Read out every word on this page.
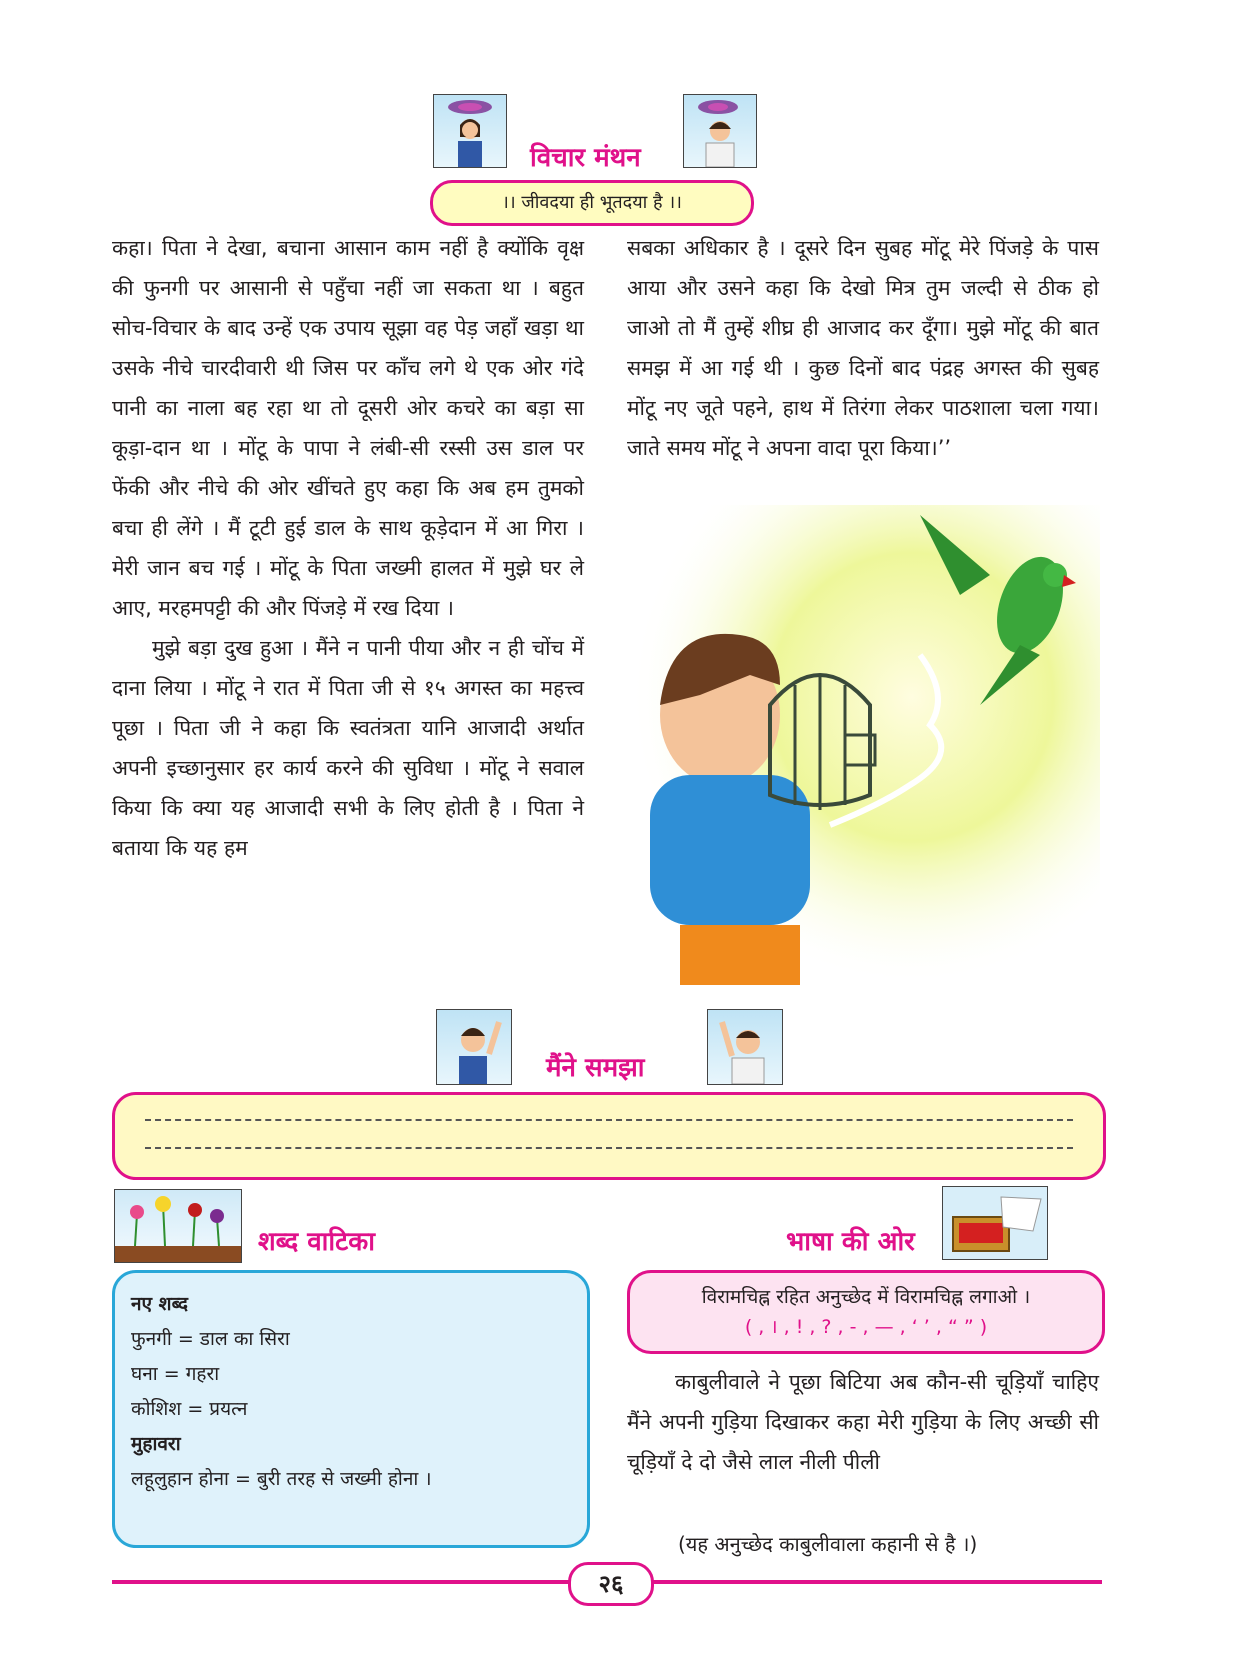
विचार मंथन
।। जीवदया ही भूतदया है ।।

कहा। पिता ने देखा, बचाना आसान काम नहीं है क्योंकि वृक्ष की फुनगी पर आसानी से पहुँचा नहीं जा सकता था । बहुत सोच-विचार के बाद उन्हें एक उपाय सूझा वह पेड़ जहाँ खड़ा था उसके नीचे चारदीवारी थी जिस पर काँच लगे थे एक ओर गंदे पानी का नाला बह रहा था तो दूसरी ओर कचरे का बड़ा सा कूड़ा-दान था । मोंटू के पापा ने लंबी-सी रस्सी उस डाल पर फेंकी और नीचे की ओर खींचते हुए कहा कि अब हम तुमको बचा ही लेंगे । मैं टूटी हुई डाल के साथ कूड़ेदान में आ गिरा । मेरी जान बच गई । मोंटू के पिता जख्मी हालत में मुझे घर ले आए, मरहमपट्टी की और पिंजड़े में रख दिया ।

मुझे बड़ा दुख हुआ । मैंने न पानी पीया और न ही चोंच में दाना लिया । मोंटू ने रात में पिता जी से १५ अगस्त का महत्त्व पूछा । पिता जी ने कहा कि स्वतंत्रता यानि आजादी अर्थात अपनी इच्छानुसार हर कार्य करने की सुविधा । मोंटू ने सवाल किया कि क्या यह आजादी सभी के लिए होती है । पिता ने बताया कि यह हम

सबका अधिकार है । दूसरे दिन सुबह मोंटू मेरे पिंजड़े के पास आया और उसने कहा कि देखो मित्र तुम जल्दी से ठीक हो जाओ तो मैं तुम्हें शीघ्र ही आजाद कर दूँगा। मुझे मोंटू की बात समझ में आ गई थी । कुछ दिनों बाद पंद्रह अगस्त की सुबह मोंटू नए जूते पहने, हाथ में तिरंगा लेकर पाठशाला चला गया। जाते समय मोंटू ने अपना वादा पूरा किया।’’
मैंने समझा
शब्द वाटिका
नए शब्द
फुनगी = डाल का सिरा
घना = गहरा
कोशिश = प्रयत्न
मुहावरा
लहूलुहान होना = बुरी तरह से जख्मी होना ।
भाषा की ओर
विरामचिह्न रहित अनुच्छेद में विरामचिह्न लगाओ ।
( , । , ! , ? , - , — , ‘ ’ , “ ” )
काबुलीवाले ने पूछा बिटिया अब कौन-सी चूड़ियाँ चाहिए मैंने अपनी गुड़िया दिखाकर कहा मेरी गुड़िया के लिए अच्छी सी चूड़ियाँ दे दो जैसे लाल नीली पीली
(यह अनुच्छेद काबुलीवाला कहानी से है ।)
२६
